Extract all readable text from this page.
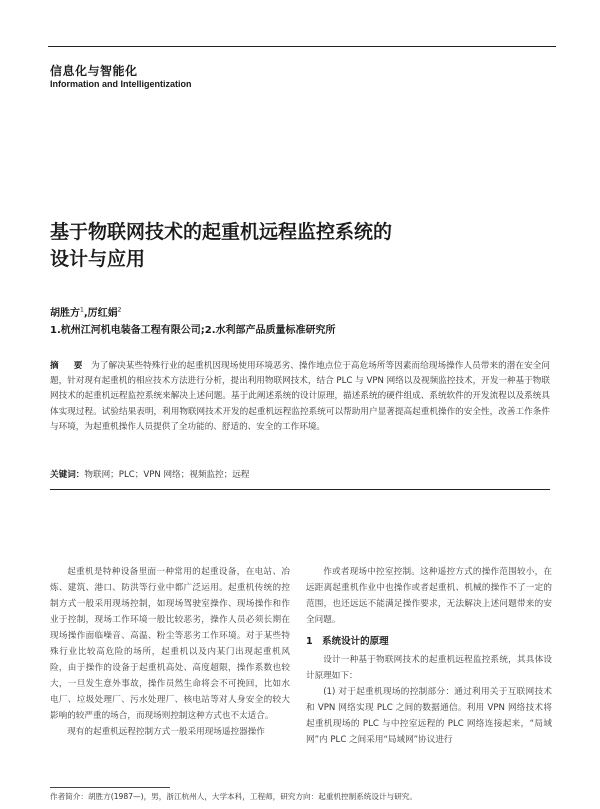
信息化与智能化
Information and Intelligentization
基于物联网技术的起重机远程监控系统的
设计与应用
胡胜方$^1$,厉红娟$^2$
1.杭州江河机电装备工程有限公司;2.水利部产品质量标准研究所
摘 要 为了解决某些特殊行业的起重机因现场使用环境恶劣、操作地点位于高危场所等因素而给现场操作人员带来的潜在安全问题，针对现有起重机的相应技术方法进行分析，提出利用物联网技术，结合 PLC 与 VPN 网络以及视频监控技术，开发一种基于物联网技术的起重机远程监控系统来解决上述问题。基于此阐述系统的设计原理，描述系统的硬件组成、系统软件的开发流程以及系统具体实现过程。试验结果表明，利用物联网技术开发的起重机远程监控系统可以帮助用户显著提高起重机操作的安全性，改善工作条件与环境，为起重机操作人员提供了全功能的、舒适的、安全的工作环境。
关键词：物联网；PLC；VPN 网络；视频监控；远程

起重机是特种设备里面一种常用的起重设备，在电站、冶炼、建筑、港口、防洪等行业中都广泛运用。起重机传统的控制方式一般采用现场控制，如现场驾驶室操作、现场操作和作业于控制，现场工作环境一般比较恶劣，操作人员必须长期在现场操作面临噪音、高温、粉尘等恶劣工作环境。对于某些特殊行业比较高危险的场所，起重机以及内某门出现起重机风险，由于操作的设备于起重机高处、高度超限，操作系数也较大，一旦发生意外事故，操作员然生命将会不可挽回，比如水电厂、垃圾处理厂、污水处理厂、核电站等对人身安全的较大影响的较严重的场合，而现场则控制这种方式也不太适合。

现有的起重机远程控制方式一般采用现场遥控器操作

作或者现场中控室控制。这种遥控方式的操作范围较小，在远距离起重机作业中也操作或者起重机、机械的操作不了一定的范围，也还远远不能满足操作要求，无法解决上述问题带来的安全问题。

1　系统设计的原理

设计一种基于物联网技术的起重机远程监控系统，其具体设计原理如下：

(1) 对于起重机现场的控制部分：通过利用关于互联网技术和 VPN 网络实现 PLC 之间的数据通信。利用 VPN 网络技术将起重机现场的 PLC 与中控室远程的 PLC 网络连接起来，“局域网”内 PLC 之间采用“局域网”协议进行

作者简介：胡胜方(1987—)，男，浙江杭州人，大学本科，工程师，研究方向：起重机控制系统设计与研究。
